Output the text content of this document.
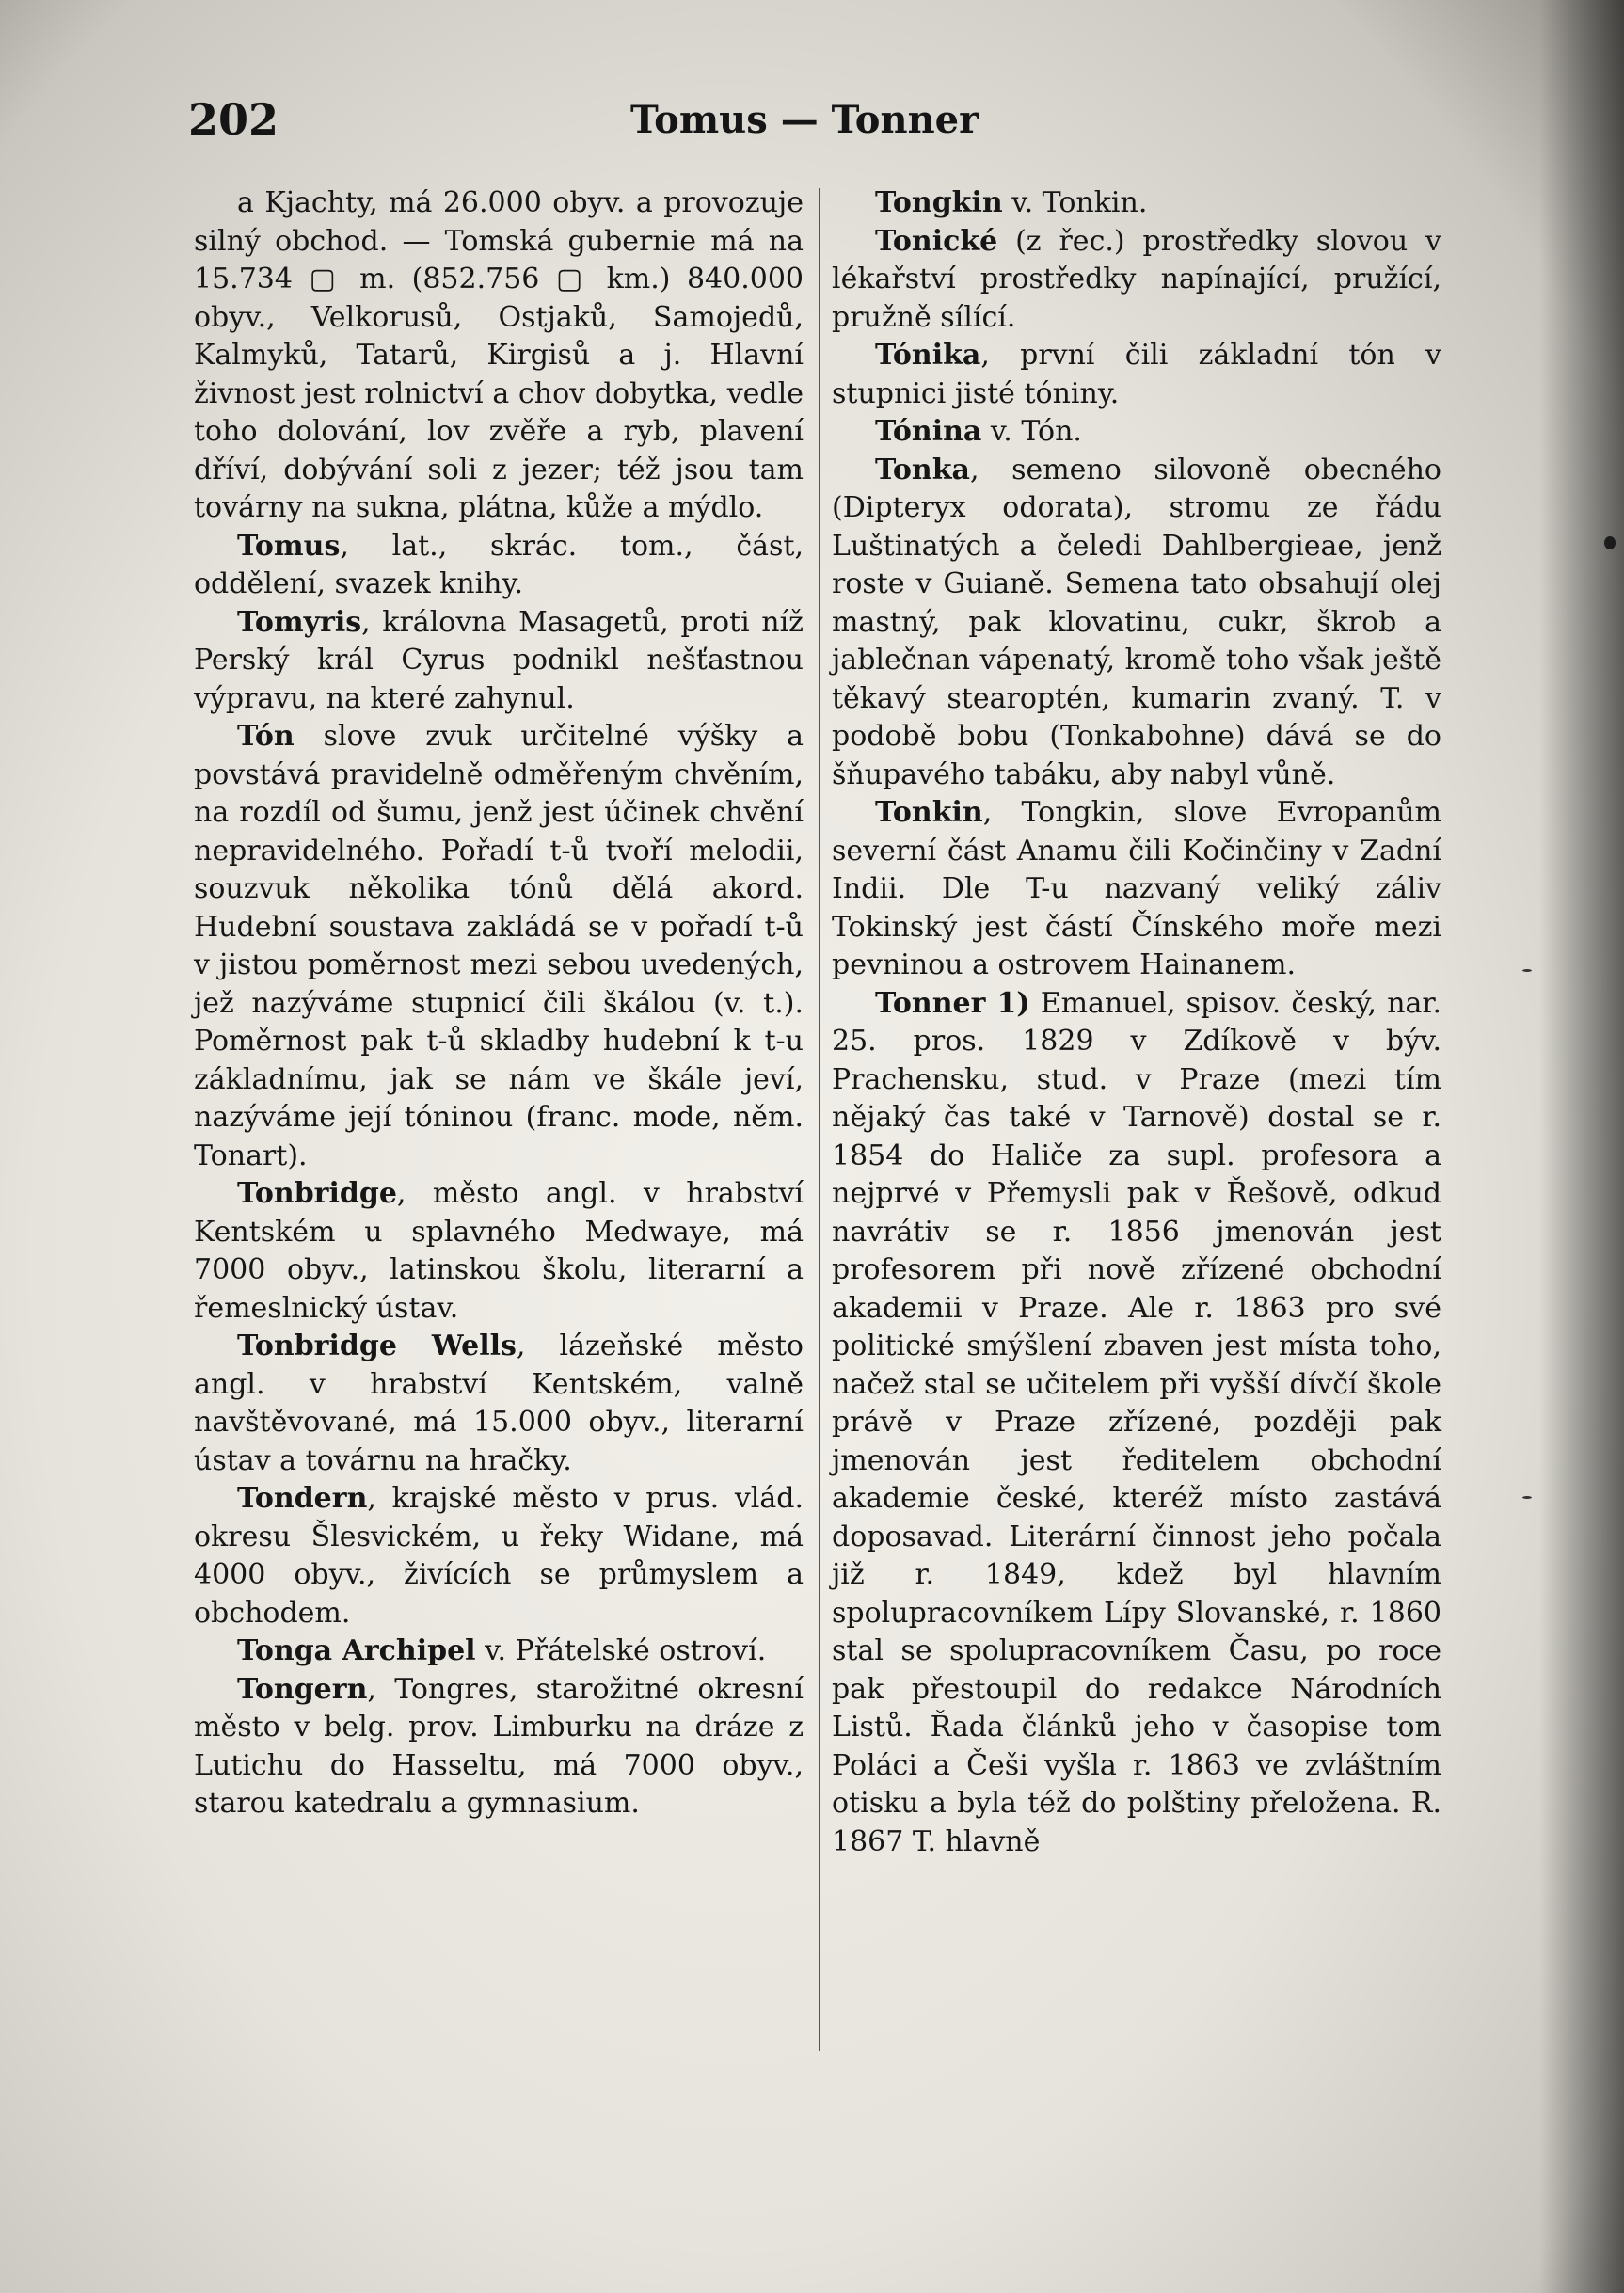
202	Tomus — Tonner

a Kjachty, má 26.000 obyv. a provozuje silný obchod. — Tomská gubernie má na 15.734 ▢ m. (852.756 ▢ km.) 840.000 obyv., Velkorusů, Ostjaků, Samojedů, Kalmyků, Tatarů, Kirgisů a j. Hlavní živnost jest rolnictví a chov dobytka, vedle toho dolování, lov zvěře a ryb, plavení dříví, dobývání soli z jezer; též jsou tam továrny na sukna, plátna, kůže a mýdlo.

Tomus, lat., skrác. tom., část, oddělení, svazek knihy.

Tomyris, královna Masagetů, proti níž Perský král Cyrus podnikl nešťastnou výpravu, na které zahynul.

Tón slove zvuk určitelné výšky a povstává pravidelně odměřeným chvěním, na rozdíl od šumu, jenž jest účinek chvění nepravidelného. Pořadí t-ů tvoří melodii, souzvuk několika tónů dělá akord. Hudební soustava zakládá se v pořadí t-ů v jistou poměrnost mezi sebou uvedených, jež nazýváme stupnicí čili škálou (v. t.). Poměrnost pak t-ů skladby hudební k t-u základnímu, jak se nám ve škále jeví, nazýváme její tóninou (franc. mode, něm. Tonart).

Tonbridge, město angl. v hrabství Kentském u splavného Medwaye, má 7000 obyv., latinskou školu, literarní a řemeslnický ústav.

Tonbridge Wells, lázeňské město angl. v hrabství Kentském, valně navštěvované, má 15.000 obyv., literarní ústav a továrnu na hračky.

Tondern, krajské město v prus. vlád. okresu Šlesvickém, u řeky Widane, má 4000 obyv., živících se průmyslem a obchodem.

Tonga Archipel v. Přátelské ostroví.

Tongern, Tongres, starožitné okresní město v belg. prov. Limburku na dráze z Lutichu do Hasseltu, má 7000 obyv., starou katedralu a gymnasium.

Tongkin v. Tonkin.

Tonické (z řec.) prostředky slovou v lékařství prostředky napínající, pružící, pružně sílící.

Tónika, první čili základní tón v stupnici jisté tóniny.

Tónina v. Tón.

Tonka, semeno silovoně obecného (Dipteryx odorata), stromu ze řádu Luštinatých a čeledi Dahlbergieae, jenž roste v Guianě. Semena tato obsahují olej mastný, pak klovatinu, cukr, škrob a jablečnan vápenatý, kromě toho však ještě těkavý stearoptén, kumarin zvaný. T. v podobě bobu (Tonkabohne) dává se do šňupavého tabáku, aby nabyl vůně.

Tonkin, Tongkin, slove Evropanům severní část Anamu čili Kočinčiny v Zadní Indii. Dle T-u nazvaný veliký záliv Tokinský jest částí Čínského moře mezi pevninou a ostrovem Hainanem.

Tonner 1) Emanuel, spisov. český, nar. 25. pros. 1829 v Zdíkově v býv. Prachensku, stud. v Praze (mezi tím nějaký čas také v Tarnově) dostal se r. 1854 do Haliče za supl. profesora a nejprvé v Přemysli pak v Řešově, odkud navrátiv se r. 1856 jmenován jest profesorem při nově zřízené obchodní akademii v Praze. Ale r. 1863 pro své politické smýšlení zbaven jest místa toho, načež stal se učitelem při vyšší dívčí škole právě v Praze zřízené, později pak jmenován jest ředitelem obchodní akademie české, kteréž místo zastává doposavad. Literární činnost jeho počala již r. 1849, kdež byl hlavním spolupracovníkem Lípy Slovanské, r. 1860 stal se spolupracovníkem Času, po roce pak přestoupil do redakce Národních Listů. Řada článků jeho v časopise tom Poláci a Češi vyšla r. 1863 ve zvláštním otisku a byla též do polštiny přeložena. R. 1867 T. hlavně
